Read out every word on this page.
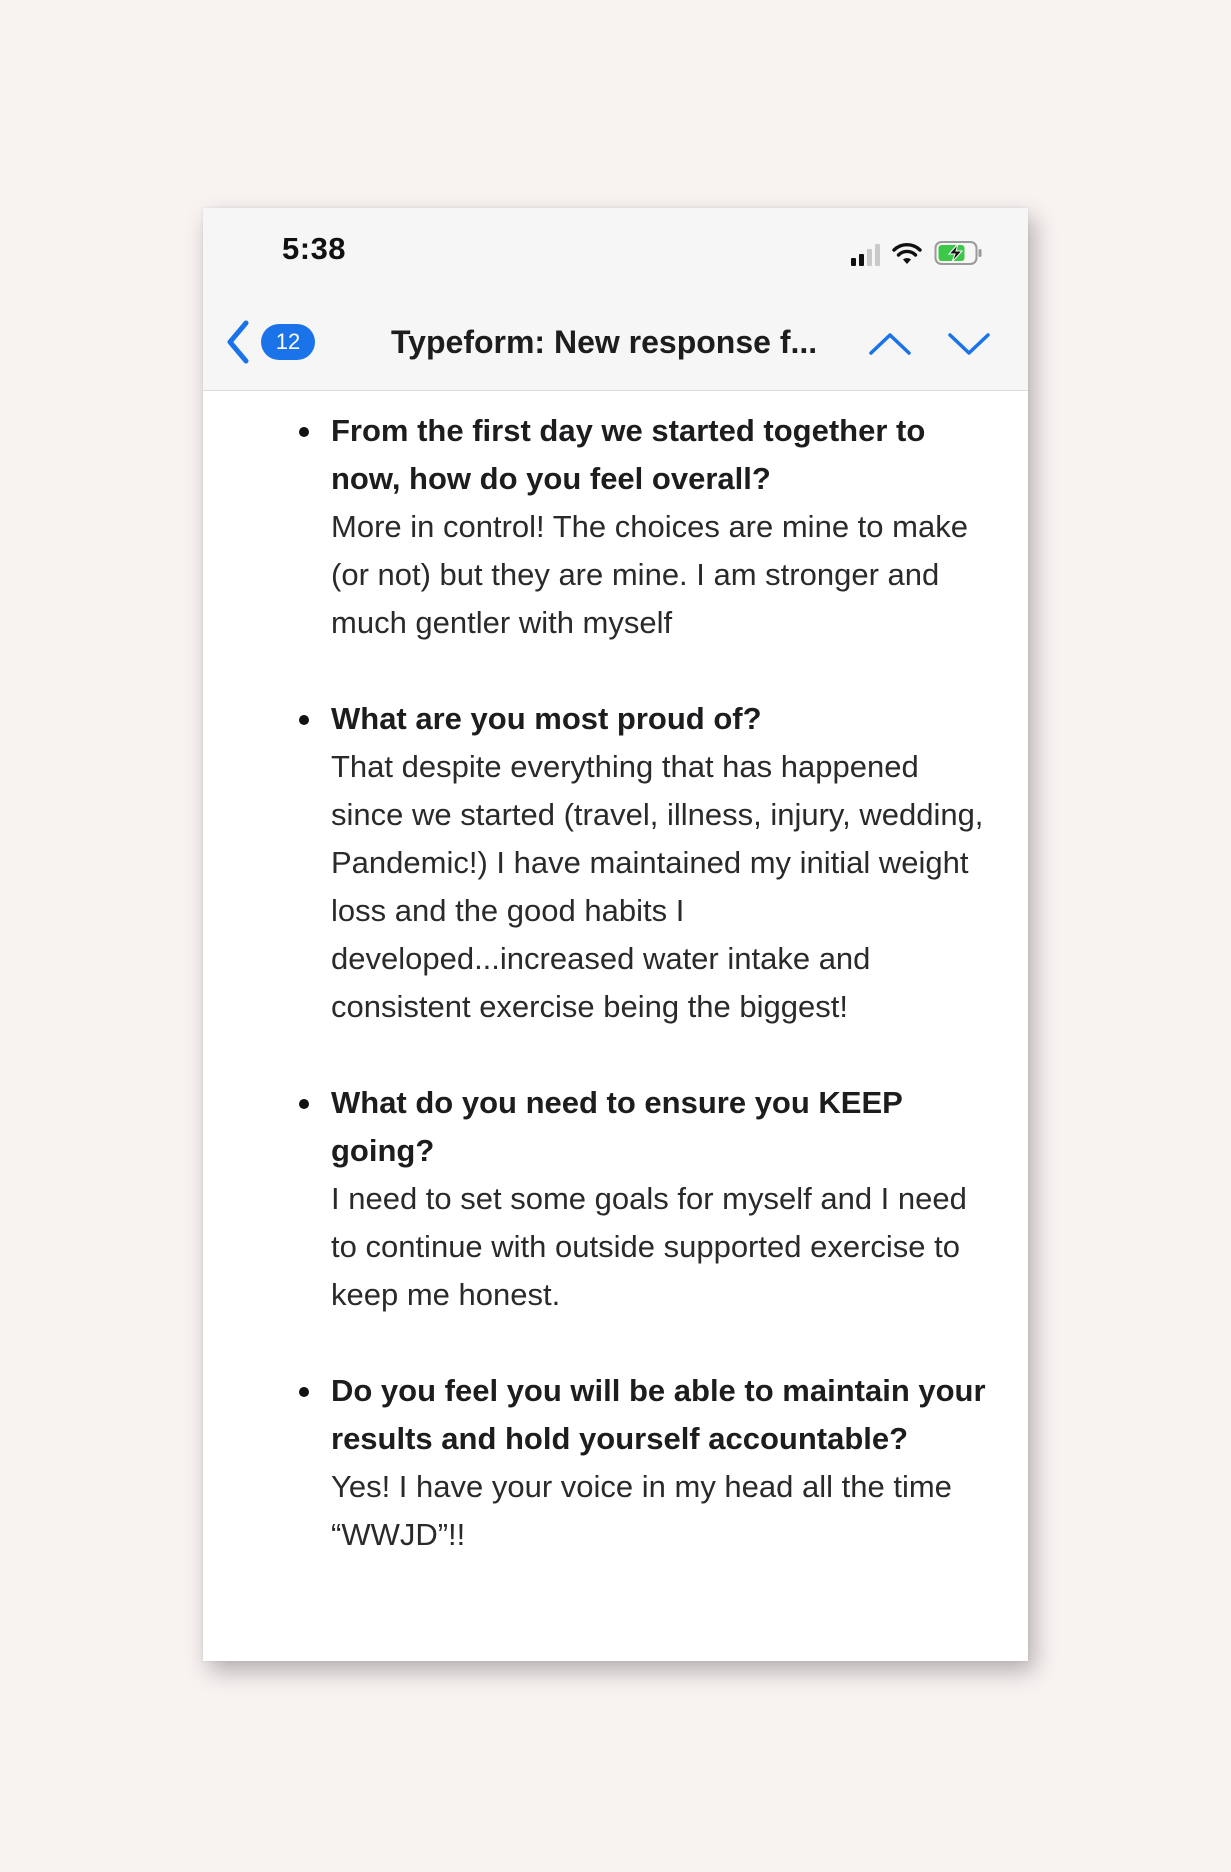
5:38
12	Typeform: New response f...
From the first day we started together to now, how do you feel overall?
More in control! The choices are mine to make (or not) but they are mine. I am stronger and much gentler with myself
What are you most proud of?
That despite everything that has happened since we started (travel, illness, injury, wedding, Pandemic!) I have maintained my initial weight loss and the good habits I developed...increased water intake and consistent exercise being the biggest!
What do you need to ensure you KEEP going?
I need to set some goals for myself and I need to continue with outside supported exercise to keep me honest.
Do you feel you will be able to maintain your results and hold yourself accountable?
Yes! I have your voice in my head all the time “WWJD”!!
